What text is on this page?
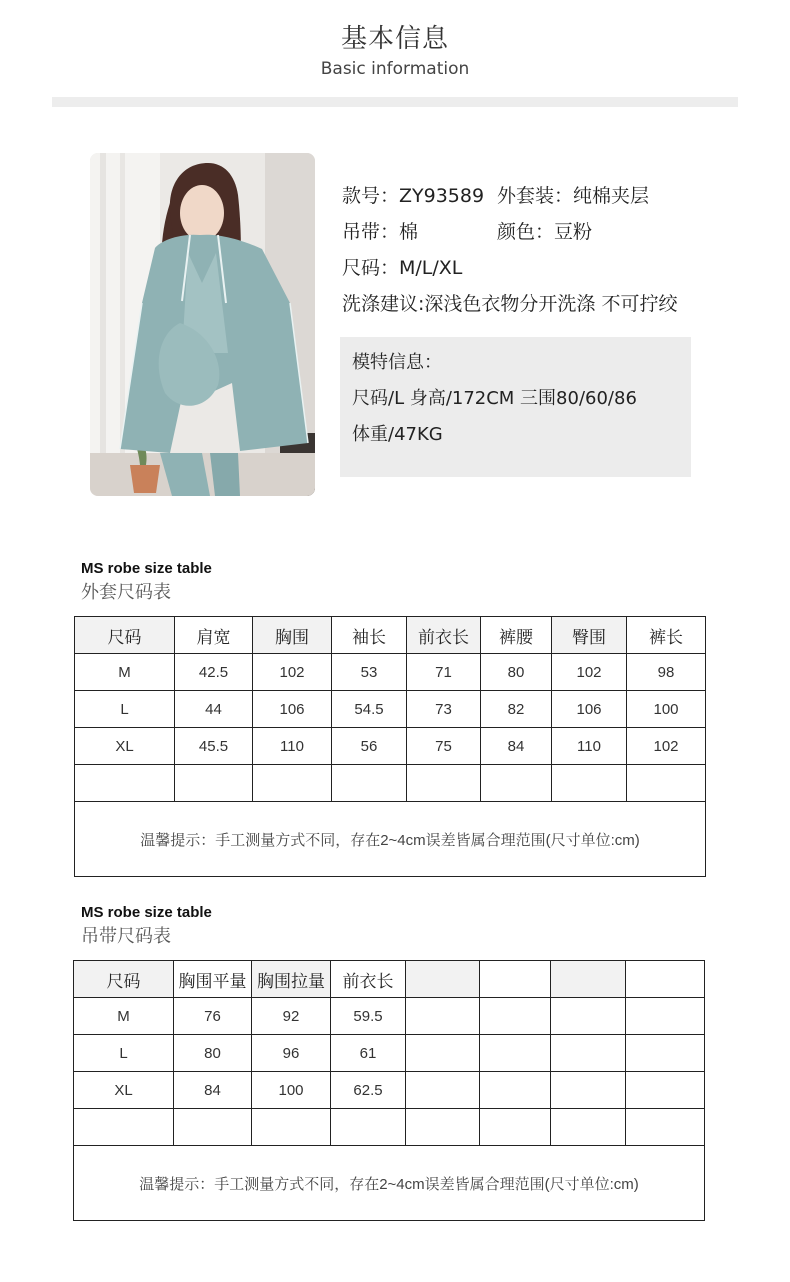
基本信息
Basic information
款号：ZY93589 外套装：纯棉夹层
吊带：棉	颜色：豆粉
尺码：M/L/XL
洗涤建议:深浅色衣物分开洗涤 不可拧绞
模特信息：
尺码/L 身高/172CM 三围80/60/86
体重/47KG
MS robe size table
外套尺码表
尺码	肩宽	胸围	袖长	前衣长	裤腰	臀围	裤长
M	42.5	102	53	71	80	102	98
L	44	106	54.5	73	82	106	100
XL	45.5	110	56	75	84	110	102

温馨提示：手工测量方式不同，存在2~4cm误差皆属合理范围(尺寸单位:cm)							
MS robe size table
吊带尺码表
尺码	胸围平量	胸围拉量	前衣长				
M	76	92	59.5				
L	80	96	61				
XL	84	100	62.5				

温馨提示：手工测量方式不同，存在2~4cm误差皆属合理范围(尺寸单位:cm)							
